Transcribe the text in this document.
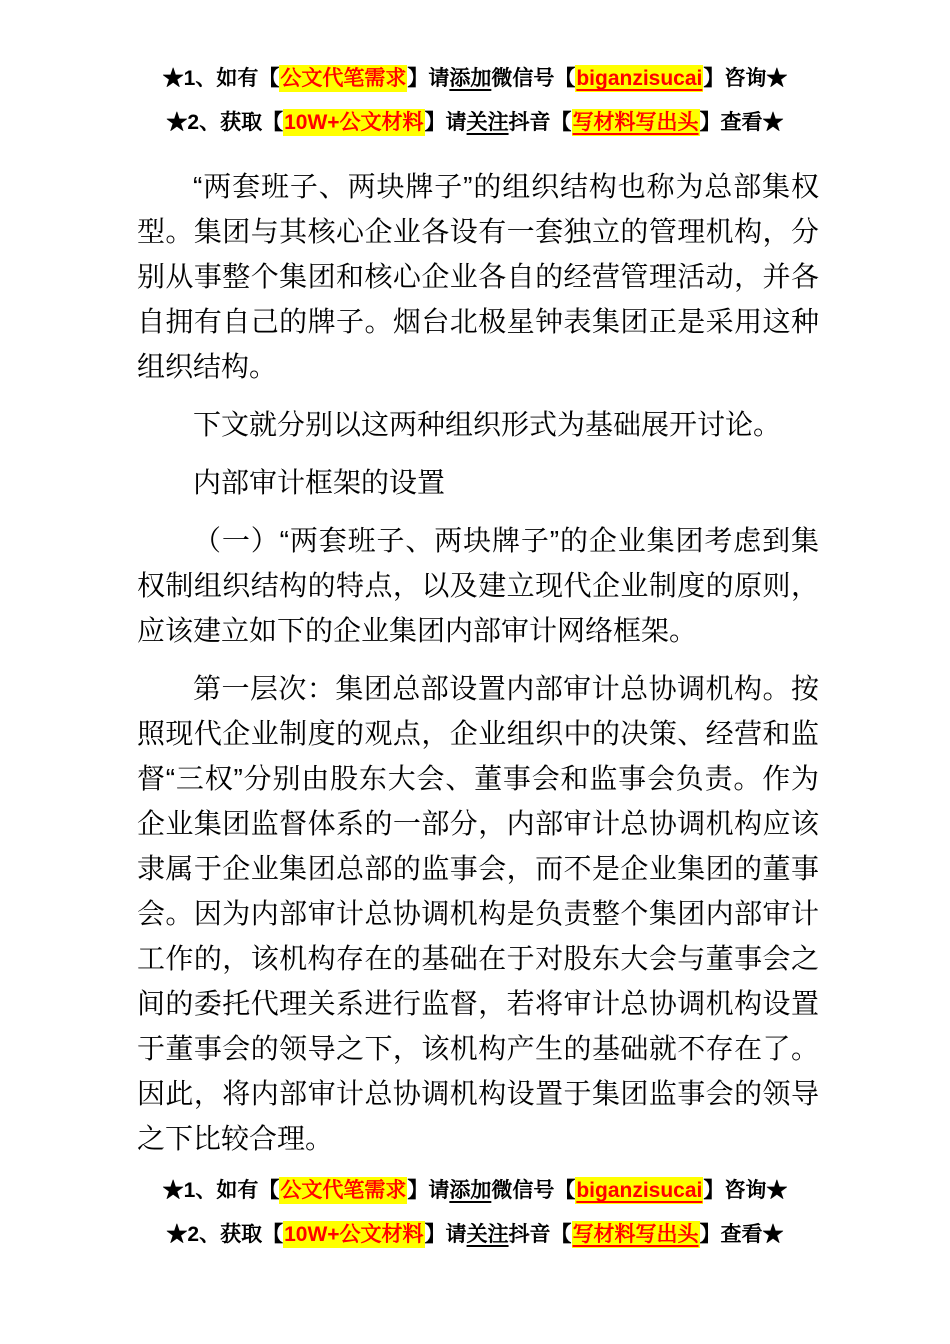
★1、如有【公文代笔需求】请添加微信号【biganzisucai】咨询★
★2、获取【10W+公文材料】请关注抖音【写材料写出头】查看★

“两套班子、两块牌子”的组织结构也称为总部集权型。集团与其核心企业各设有一套独立的管理机构，分别从事整个集团和核心企业各自的经营管理活动，并各自拥有自己的牌子。烟台北极星钟表集团正是采用这种组织结构。

下文就分别以这两种组织形式为基础展开讨论。

内部审计框架的设置

（一）“两套班子、两块牌子”的企业集团考虑到集权制组织结构的特点，以及建立现代企业制度的原则，应该建立如下的企业集团内部审计网络框架。

第一层次：集团总部设置内部审计总协调机构。按照现代企业制度的观点，企业组织中的决策、经营和监督“三权”分别由股东大会、董事会和监事会负责。作为企业集团监督体系的一部分，内部审计总协调机构应该隶属于企业集团总部的监事会，而不是企业集团的董事会。因为内部审计总协调机构是负责整个集团内部审计工作的，该机构存在的基础在于对股东大会与董事会之间的委托代理关系进行监督，若将审计总协调机构设置于董事会的领导之下，该机构产生的基础就不存在了。因此，将内部审计总协调机构设置于集团监事会的领导之下比较合理。

★1、如有【公文代笔需求】请添加微信号【biganzisucai】咨询★
★2、获取【10W+公文材料】请关注抖音【写材料写出头】查看★
